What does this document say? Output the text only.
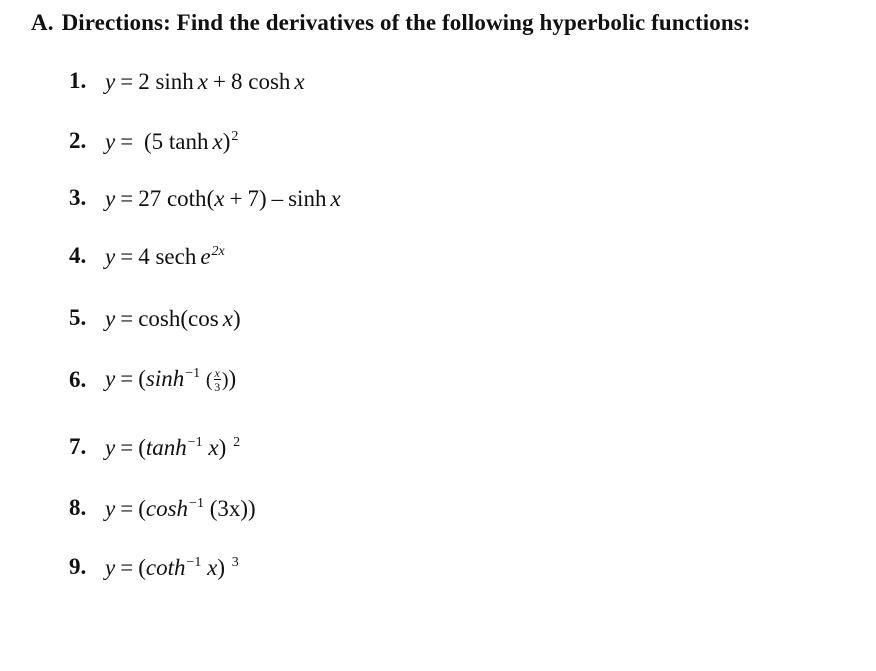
A. Directions: Find the derivatives of the following hyperbolic functions:
1. y = 2 sinh x + 8 cosh x
2. y = (5 tanh x)$^2$
3. y = 27 coth(x + 7) – sinh x
4. y = 4 sech $e^{2x}$
5. y = cosh(cos x)
6. $y = (\sinh^{-1}$ ( $\frac{x}{3}$ ))
7. $y = (\tanh^{-1}$ x) $^2$
8. $y = (\cosh^{-1}$ (3x))
9. y = (coth$^{-1}$ x) $^3$
